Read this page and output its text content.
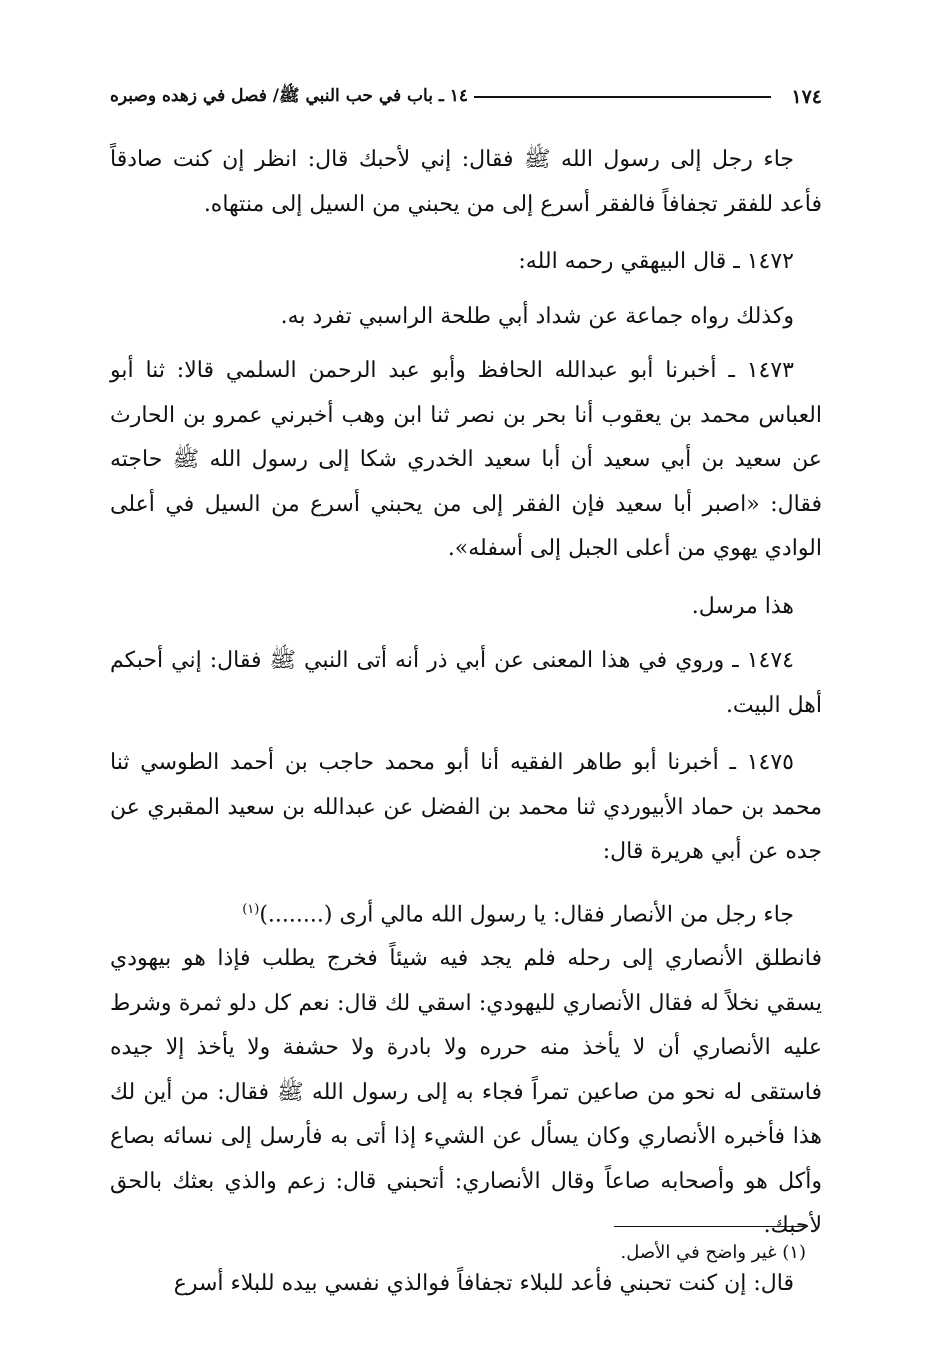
١٧٤
١٤ ـ باب في حب النبي ﷺ/ فصل في زهده وصبره

جاء رجل إلى رسول الله ﷺ فقال: إني لأحبك قال: انظر إن كنت صادقاً فأعد للفقر تجفافاً فالفقر أسرع إلى من يحبني من السيل إلى منتهاه.

١٤٧٢ ـ قال البيهقي رحمه الله:

وكذلك رواه جماعة عن شداد أبي طلحة الراسبي تفرد به.

١٤٧٣ ـ أخبرنا أبو عبدالله الحافظ وأبو عبد الرحمن السلمي قالا: ثنا أبو العباس محمد بن يعقوب أنا بحر بن نصر ثنا ابن وهب أخبرني عمرو بن الحارث عن سعيد بن أبي سعيد أن أبا سعيد الخدري شكا إلى رسول الله ﷺ حاجته فقال: «اصبر أبا سعيد فإن الفقر إلى من يحبني أسرع من السيل في أعلى الوادي يهوي من أعلى الجبل إلى أسفله».

هذا مرسل.

١٤٧٤ ـ وروي في هذا المعنى عن أبي ذر أنه أتى النبي ﷺ فقال: إني أحبكم أهل البيت.

١٤٧٥ ـ أخبرنا أبو طاهر الفقيه أنا أبو محمد حاجب بن أحمد الطوسي ثنا محمد بن حماد الأبيوردي ثنا محمد بن الفضل عن عبدالله بن سعيد المقبري عن جده عن أبي هريرة قال:

جاء رجل من الأنصار فقال: يا رسول الله مالي أرى (........)$^{(١)}$

فانطلق الأنصاري إلى رحله فلم يجد فيه شيئاً فخرج يطلب فإذا هو بيهودي يسقي نخلاً له فقال الأنصاري لليهودي: اسقي لك قال: نعم كل دلو ثمرة وشرط عليه الأنصاري أن لا يأخذ منه حرره ولا بادرة ولا حشفة ولا يأخذ إلا جيده فاستقى له نحو من صاعين تمراً فجاء به إلى رسول الله ﷺ فقال: من أين لك هذا فأخبره الأنصاري وكان يسأل عن الشيء إذا أتى به فأرسل إلى نسائه بصاع وأكل هو وأصحابه صاعاً وقال الأنصاري: أتحبني قال: زعم والذي بعثك بالحق لأحبك.

قال: إن كنت تحبني فأعد للبلاء تجفافاً فوالذي نفسي بيده للبلاء أسرع

(١) غير واضح في الأصل.
